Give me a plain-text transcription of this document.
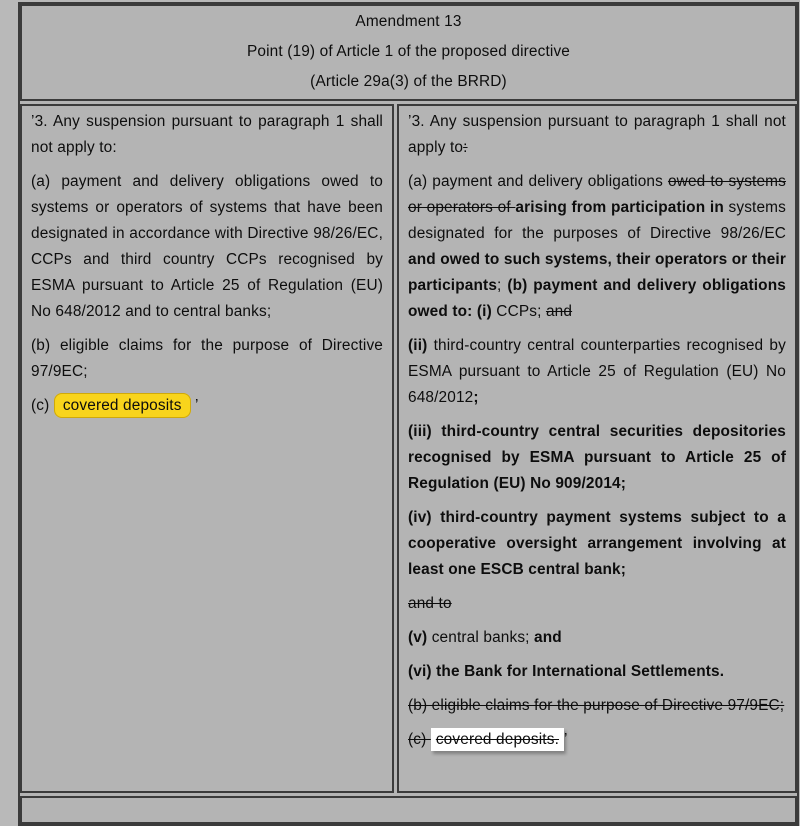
Amendment 13

Point (19) of Article 1 of the proposed directive

(Article 29a(3) of the BRRD)

’3. Any suspension pursuant to paragraph 1 shall not apply to:

(a) payment and delivery obligations owed to systems or operators of systems that have been designated in accordance with Directive 98/26/EC, CCPs and third country CCPs recognised by ESMA pursuant to Article 25 of Regulation (EU) No 648/2012 and to central banks;

(b) eligible claims for the purpose of Directive 97/9EC;

(c) covered deposits ’

’3. Any suspension pursuant to paragraph 1 shall not apply to:

(a) payment and delivery obligations owed to systems or operators of arising from participation in systems designated for the purposes of Directive 98/26/EC and owed to such systems, their operators or their participants; (b) payment and delivery obligations owed to: (i) CCPs; and

(ii) third-country central counterparties recognised by ESMA pursuant to Article 25 of Regulation (EU) No 648/2012;

(iii) third-country central securities depositories recognised by ESMA pursuant to Article 25 of Regulation (EU) No 909/2014;

(iv) third-country payment systems subject to a cooperative oversight arrangement involving at least one ESCB central bank;

and to

(v) central banks; and

(vi) the Bank for International Settlements.

(b) eligible claims for the purpose of Directive 97/9EC;

(c) covered deposits. ’
